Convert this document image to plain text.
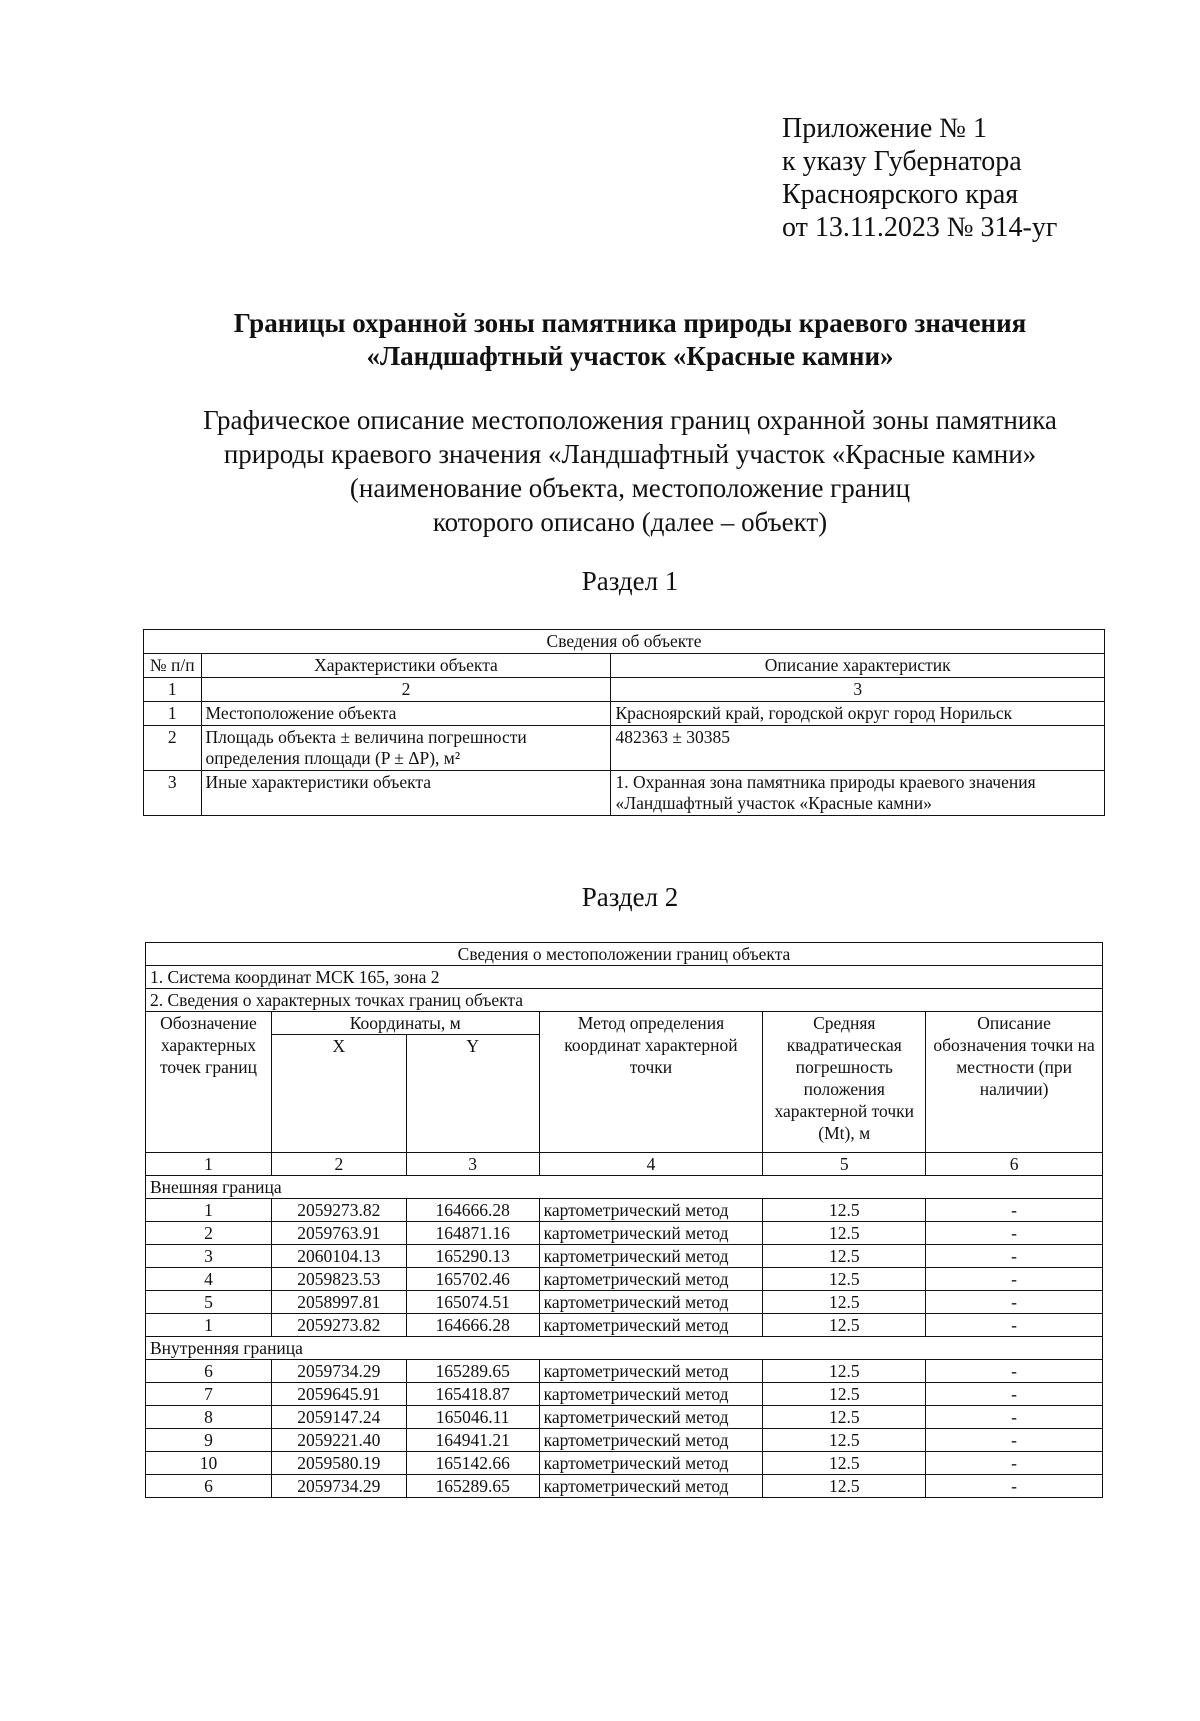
Приложение № 1
к указу Губернатора
Красноярского края
от 13.11.2023 № 314-уг
Границы охранной зоны памятника природы краевого значения
«Ландшафтный участок «Красные камни»
Графическое описание местоположения границ охранной зоны памятника
природы краевого значения «Ландшафтный участок «Красные камни»
(наименование объекта, местоположение границ
которого описано (далее – объект)
Раздел 1
Сведения об объекте		
№ п/п	Характеристики объекта	Описание характеристик
1	2	3
1	Местоположение объекта	Красноярский край, городской округ город Норильск
2	Площадь объекта ± величина погрешности определения площади (P ± ΔP), м²	482363 ± 30385
3	Иные характеристики объекта	1. Охранная зона памятника природы краевого значения «Ландшафтный участок «Красные камни»
Раздел 2
Сведения о местоположении границ объекта					
1. Система координат МСК 165, зона 2					
2. Сведения о характерных точках границ объекта					
Обозначение характерных точек границ	Координаты, м		Метод определения координат характерной точки	Средняя квадратическая погрешность положения характерной точки (Mt), м	Описание обозначения точки на местности (при наличии)
	X	Y			
1	2	3	4	5	6
Внешняя граница					
1	2059273.82	164666.28	картометрический метод	12.5	-
2	2059763.91	164871.16	картометрический метод	12.5	-
3	2060104.13	165290.13	картометрический метод	12.5	-
4	2059823.53	165702.46	картометрический метод	12.5	-
5	2058997.81	165074.51	картометрический метод	12.5	-
1	2059273.82	164666.28	картометрический метод	12.5	-
Внутренняя граница					
6	2059734.29	165289.65	картометрический метод	12.5	-
7	2059645.91	165418.87	картометрический метод	12.5	-
8	2059147.24	165046.11	картометрический метод	12.5	-
9	2059221.40	164941.21	картометрический метод	12.5	-
10	2059580.19	165142.66	картометрический метод	12.5	-
6	2059734.29	165289.65	картометрический метод	12.5	-
